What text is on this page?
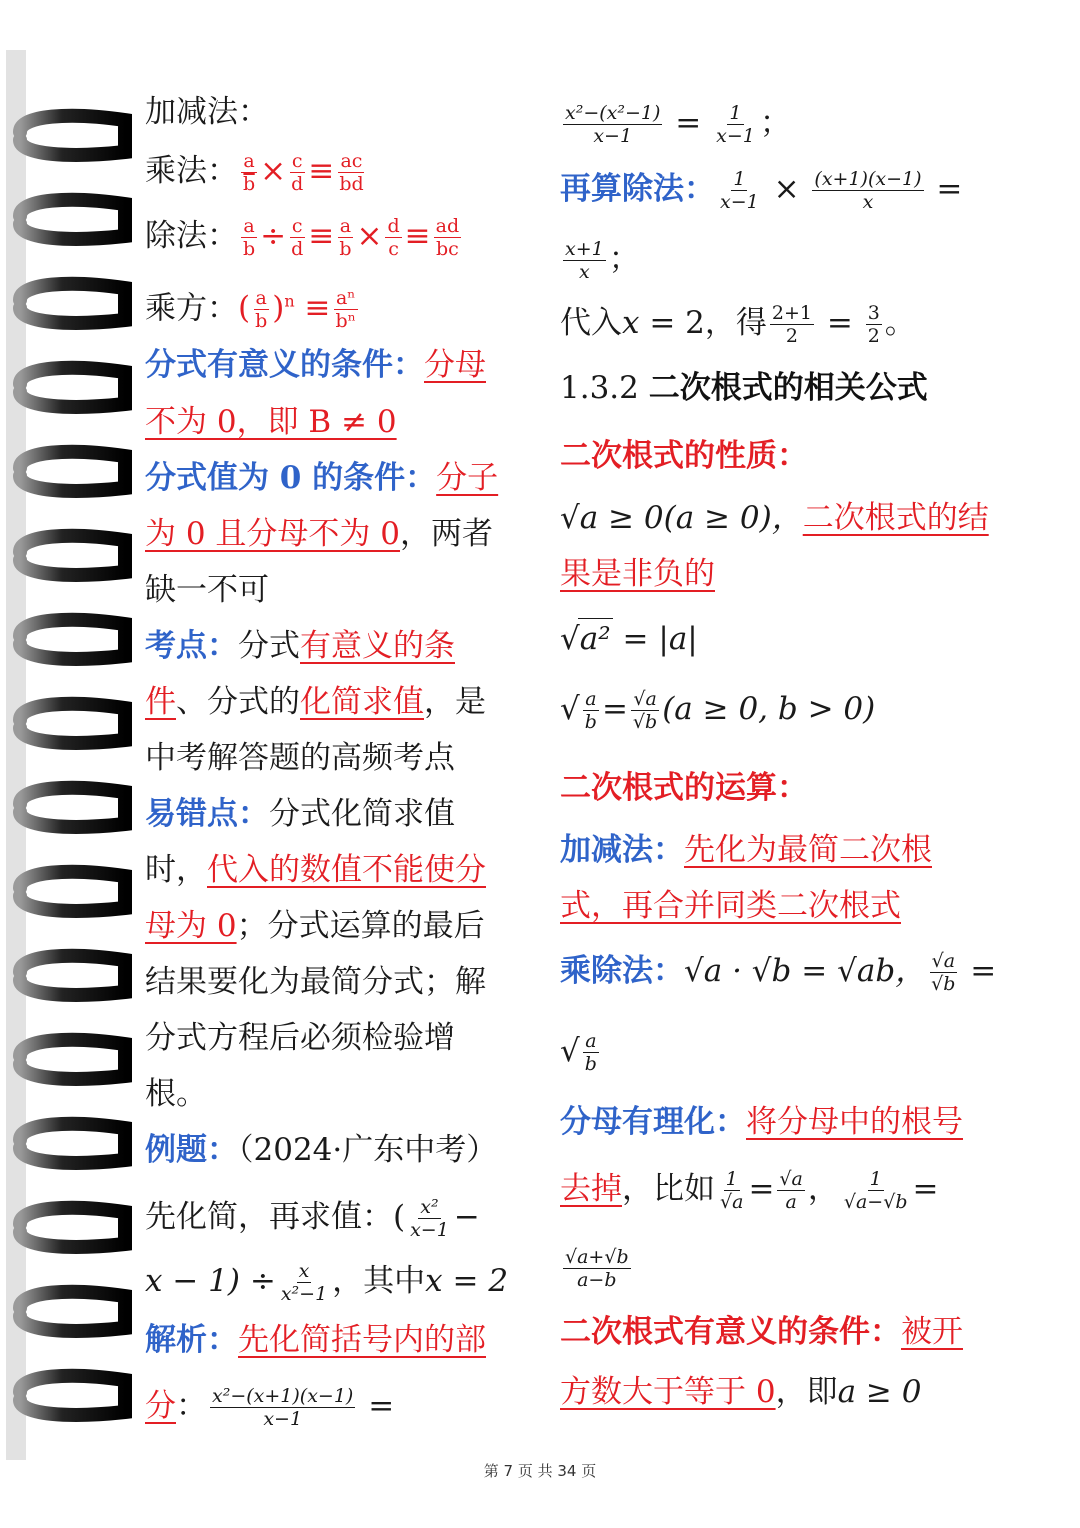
加减法：
乘法： $\frac{a}{b} \times \frac{c}{d} \equiv \frac{ac}{bd}$
除法： $\frac{a}{b} \div \frac{c}{d} \equiv \frac{a}{b} \times \frac{d}{c} \equiv \frac{ad}{bc}$
乘方：( $\frac{a}{b} )^n \equiv \frac{\text{aⁿ}}{\text{bⁿ}}$
分式有意义的条件：分母
不为 0，即 B ≠ 0
分式值为 0 的条件：分子
为 0 且分母不为 0，两者
缺一不可
考点：分式有意义的条
件、分式的化简求值，是
中考解答题的高频考点
易错点：分式化简求值
时，代入的数值不能使分
母为 0；分式运算的最后
结果要化为最简分式；解
分式方程后必须检验增
根。
例题：（2024·广东中考）
先化简，再求值：( $\frac{\text{x²}}{x-1}$ −
$x - 1) \div \frac{x}{\text{x²−1}}$ ，其中x = 2
解析：先化简括号内的部
分： $\frac{\text{x²−(x+1)(x−1)}}{x-1}$ =
$\frac{\text{x²−(x²−1)}}{x-1} = \frac{1}{x-1}$ ；
再算除法： $\frac{1}{x-1} \times \frac{(x+1)(x-1)}{x}$ =
$\frac{x+1}{x}$ ；
代入x = 2，得 $\frac{2+1}{2} = \frac{3}{2}$ 。
1.3.2 二次根式的相关公式
二次根式的性质：
√a ≥ 0(a ≥ 0)，二次根式的结
果是非负的
√a² = |a|
√ $\frac{a}{b} = \frac{√a}{√b} (a \ge 0$, b > 0)
二次根式的运算：
加减法：先化为最简二次根
式，再合并同类二次根式
乘除法：√a · √b = √ab， $\frac{√a}{√b}$ =
√ $\frac{a}{b}$
分母有理化：将分母中的根号
去掉，比如 $\frac{1}{√a} = \frac{√a}{a}$ ， $\frac{1}{√a-√b}$ =
$\frac{√a+√b}{a-b}$
二次根式有意义的条件：被开
方数大于等于 0，即a ≥ 0
第 7 页 共 34 页
